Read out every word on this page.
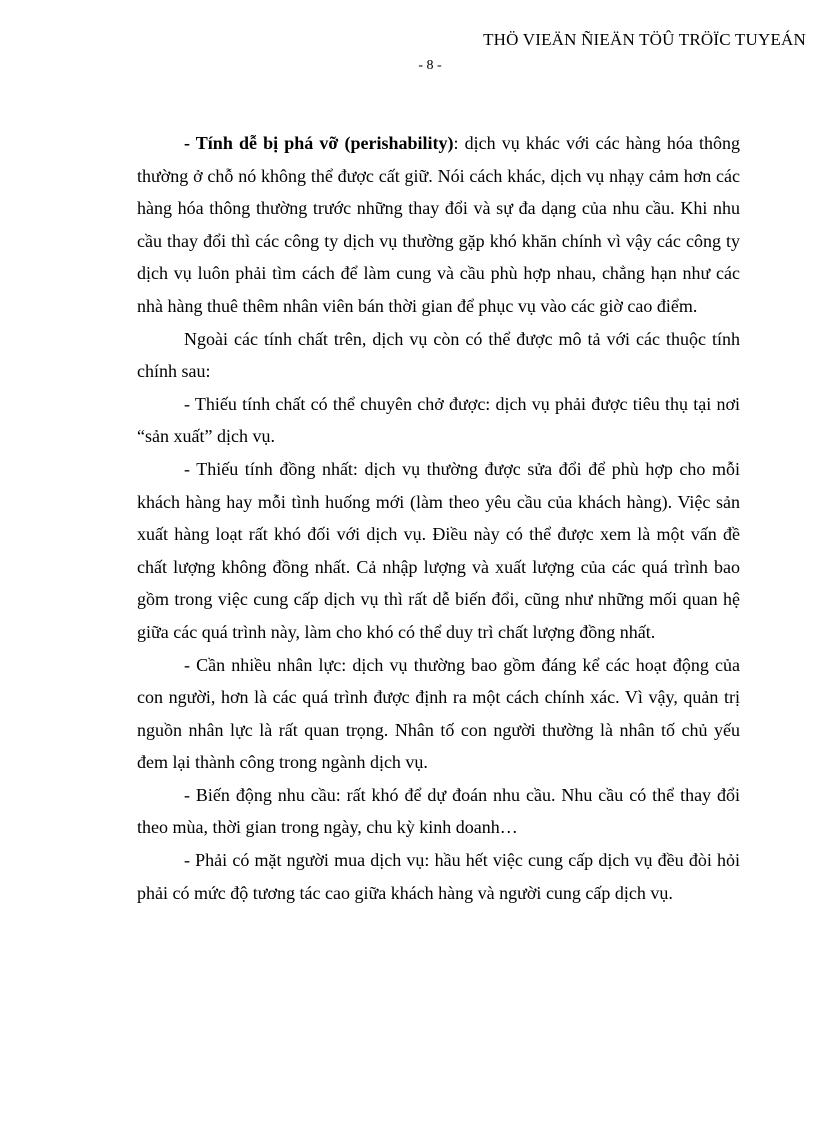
THÖ VIEÄN ÑIEÄN TÖÛ TRÖÏC TUYEÁN
- 8 -

- Tính dễ bị phá vỡ (perishability): dịch vụ khác với các hàng hóa thông thường ở chỗ nó không thể được cất giữ. Nói cách khác, dịch vụ nhạy cảm hơn các hàng hóa thông thường trước những thay đổi và sự đa dạng của nhu cầu. Khi nhu cầu thay đổi thì các công ty dịch vụ thường gặp khó khăn chính vì vậy các công ty dịch vụ luôn phải tìm cách để làm cung và cầu phù hợp nhau, chẳng hạn như các nhà hàng thuê thêm nhân viên bán thời gian để phục vụ vào các giờ cao điểm.

Ngoài các tính chất trên, dịch vụ còn có thể được mô tả với các thuộc tính chính sau:

- Thiếu tính chất có thể chuyên chở được: dịch vụ phải được tiêu thụ tại nơi “sản xuất” dịch vụ.

- Thiếu tính đồng nhất: dịch vụ thường được sửa đổi để phù hợp cho mỗi khách hàng hay mỗi tình huống mới (làm theo yêu cầu của khách hàng). Việc sản xuất hàng loạt rất khó đối với dịch vụ. Điều này có thể được xem là một vấn đề chất lượng không đồng nhất. Cả nhập lượng và xuất lượng của các quá trình bao gồm trong việc cung cấp dịch vụ thì rất dễ biến đổi, cũng như những mối quan hệ giữa các quá trình này, làm cho khó có thể duy trì chất lượng đồng nhất.

- Cần nhiều nhân lực: dịch vụ thường bao gồm đáng kể các hoạt động của con người, hơn là các quá trình được định ra một cách chính xác. Vì vậy, quản trị nguồn nhân lực là rất quan trọng. Nhân tố con người thường là nhân tố chủ yếu đem lại thành công trong ngành dịch vụ.

- Biến động nhu cầu: rất khó để dự đoán nhu cầu. Nhu cầu có thể thay đổi theo mùa, thời gian trong ngày, chu kỳ kinh doanh…

- Phải có mặt người mua dịch vụ: hầu hết việc cung cấp dịch vụ đều đòi hỏi phải có mức độ tương tác cao giữa khách hàng và người cung cấp dịch vụ.
